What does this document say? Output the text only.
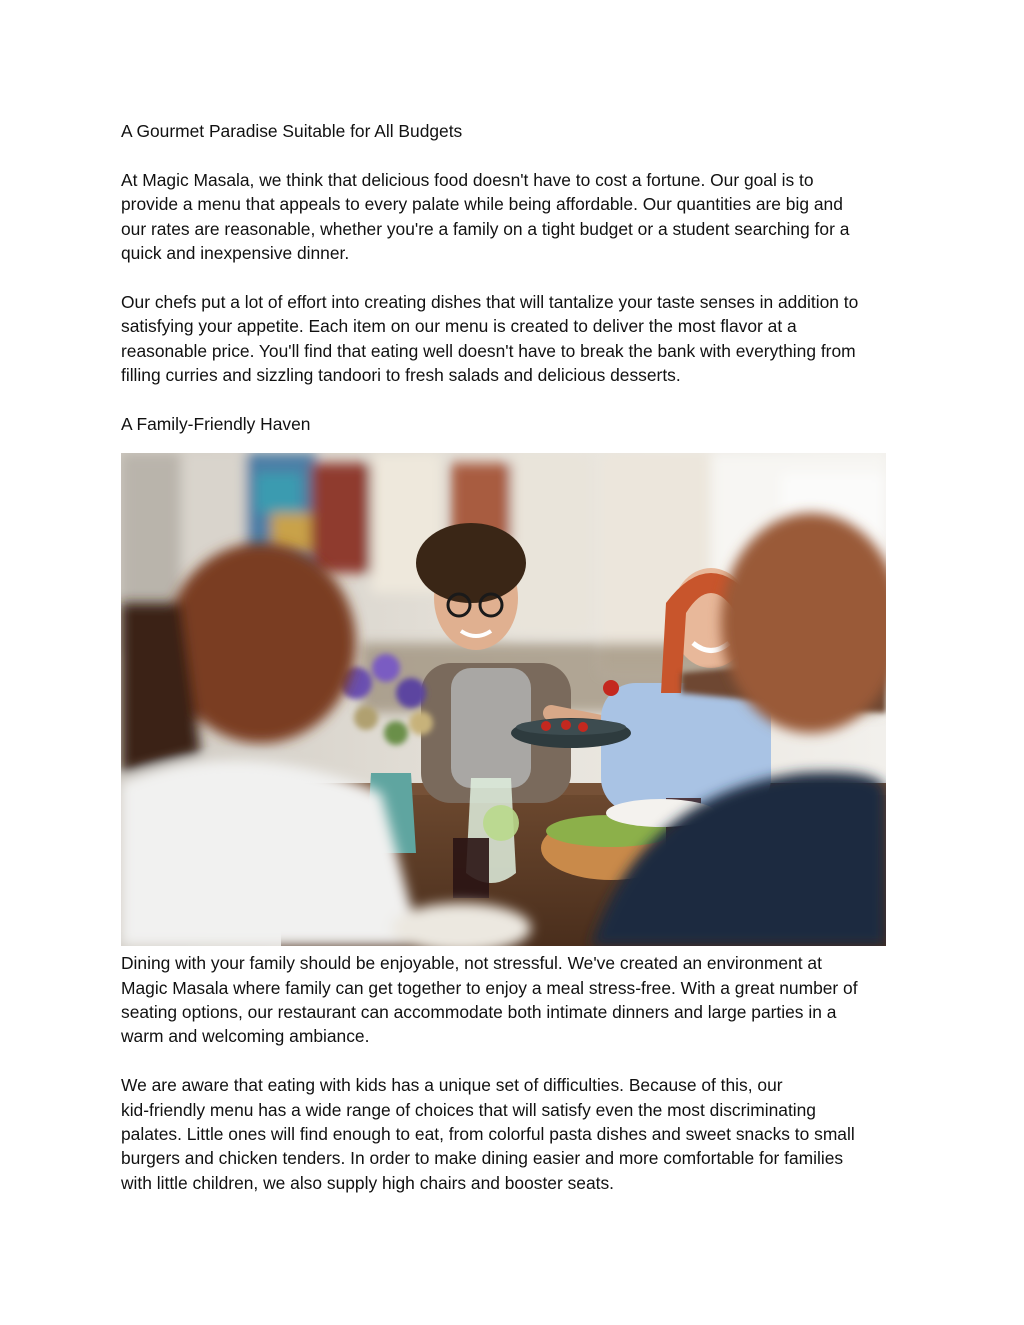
A Gourmet Paradise Suitable for All Budgets

At Magic Masala, we think that delicious food doesn't have to cost a fortune. Our goal is to
provide a menu that appeals to every palate while being affordable. Our quantities are big and
our rates are reasonable, whether you're a family on a tight budget or a student searching for a
quick and inexpensive dinner.

Our chefs put a lot of effort into creating dishes that will tantalize your taste senses in addition to
satisfying your appetite. Each item on our menu is created to deliver the most flavor at a
reasonable price. You'll find that eating well doesn't have to break the bank with everything from
filling curries and sizzling tandoori to fresh salads and delicious desserts.

A Family-Friendly Haven

Dining with your family should be enjoyable, not stressful. We've created an environment at
Magic Masala where family can get together to enjoy a meal stress-free. With a great number of
seating options, our restaurant can accommodate both intimate dinners and large parties in a
warm and welcoming ambiance.

We are aware that eating with kids has a unique set of difficulties. Because of this, our
kid-friendly menu has a wide range of choices that will satisfy even the most discriminating
palates. Little ones will find enough to eat, from colorful pasta dishes and sweet snacks to small
burgers and chicken tenders. In order to make dining easier and more comfortable for families
with little children, we also supply high chairs and booster seats.
